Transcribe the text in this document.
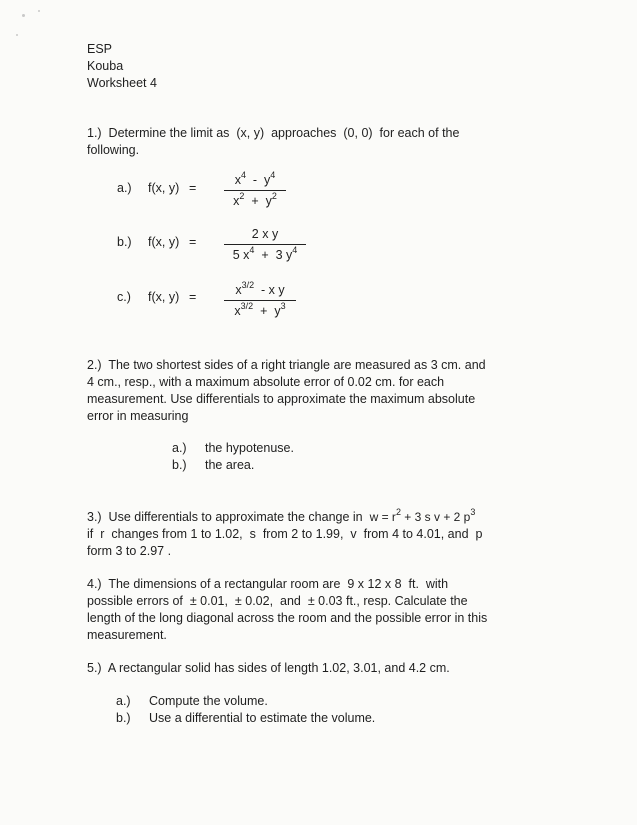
ESP
Kouba
Worksheet 4
1.) Determine the limit as (x, y) approaches (0, 0) for each of the
following.
a.) f(x, y) =
$x^4 - y^4$
$x^2 + y^2$
b.) f(x, y) =
2 x y
5 $x^4 + 3$ $y^4$
c.) f(x, y) =	$x^{3/2}$ - x y
$x^{3/2} + y^3$
2.) The two shortest sides of a right triangle are measured as 3 cm. and
4 cm., resp., with a maximum absolute error of 0.02 cm. for each
measurement. Use differentials to approximate the maximum absolute
error in measuring
a.) the hypotenuse.
b.) the area.
3.) Use differentials to approximate the change in $w = r^2 + 3$ s v + 2 $p^3$
if r changes from 1 to 1.02, s from 2 to 1.99, v from 4 to 4.01, and p
form 3 to 2.97 .
4.) The dimensions of a rectangular room are 9 x 12 x 8 ft. with
possible errors of ± 0.01, ± 0.02, and ± 0.03 ft., resp. Calculate the
length of the long diagonal across the room and the possible error in this
measurement.
5.) A rectangular solid has sides of length 1.02, 3.01, and 4.2 cm.
a.) Compute the volume.
b.) Use a differential to estimate the volume.
